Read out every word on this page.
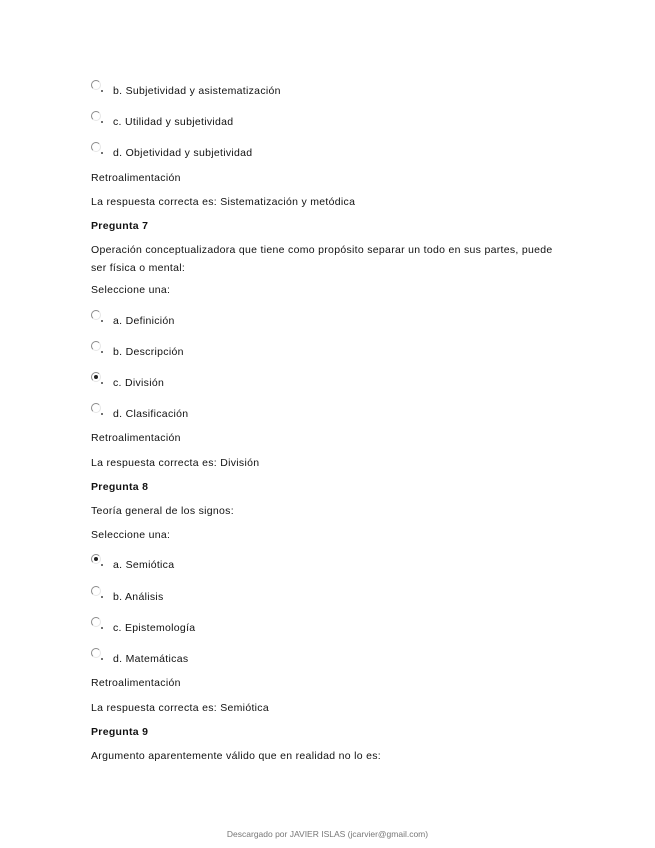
b. Subjetividad y asistematización
c. Utilidad y subjetividad
d. Objetividad y subjetividad
Retroalimentación
La respuesta correcta es: Sistematización y metódica
Pregunta 7
Operación conceptualizadora que tiene como propósito separar un todo en sus partes, puede ser física o mental:
Seleccione una:
a. Definición
b. Descripción
c. División
d. Clasificación
Retroalimentación
La respuesta correcta es: División
Pregunta 8
Teoría general de los signos:
Seleccione una:
a. Semiótica
b. Análisis
c. Epistemología
d. Matemáticas
Retroalimentación
La respuesta correcta es: Semiótica
Pregunta 9
Argumento aparentemente válido que en realidad no lo es:
Descargado por JAVIER ISLAS (jcarvier@gmail.com)
